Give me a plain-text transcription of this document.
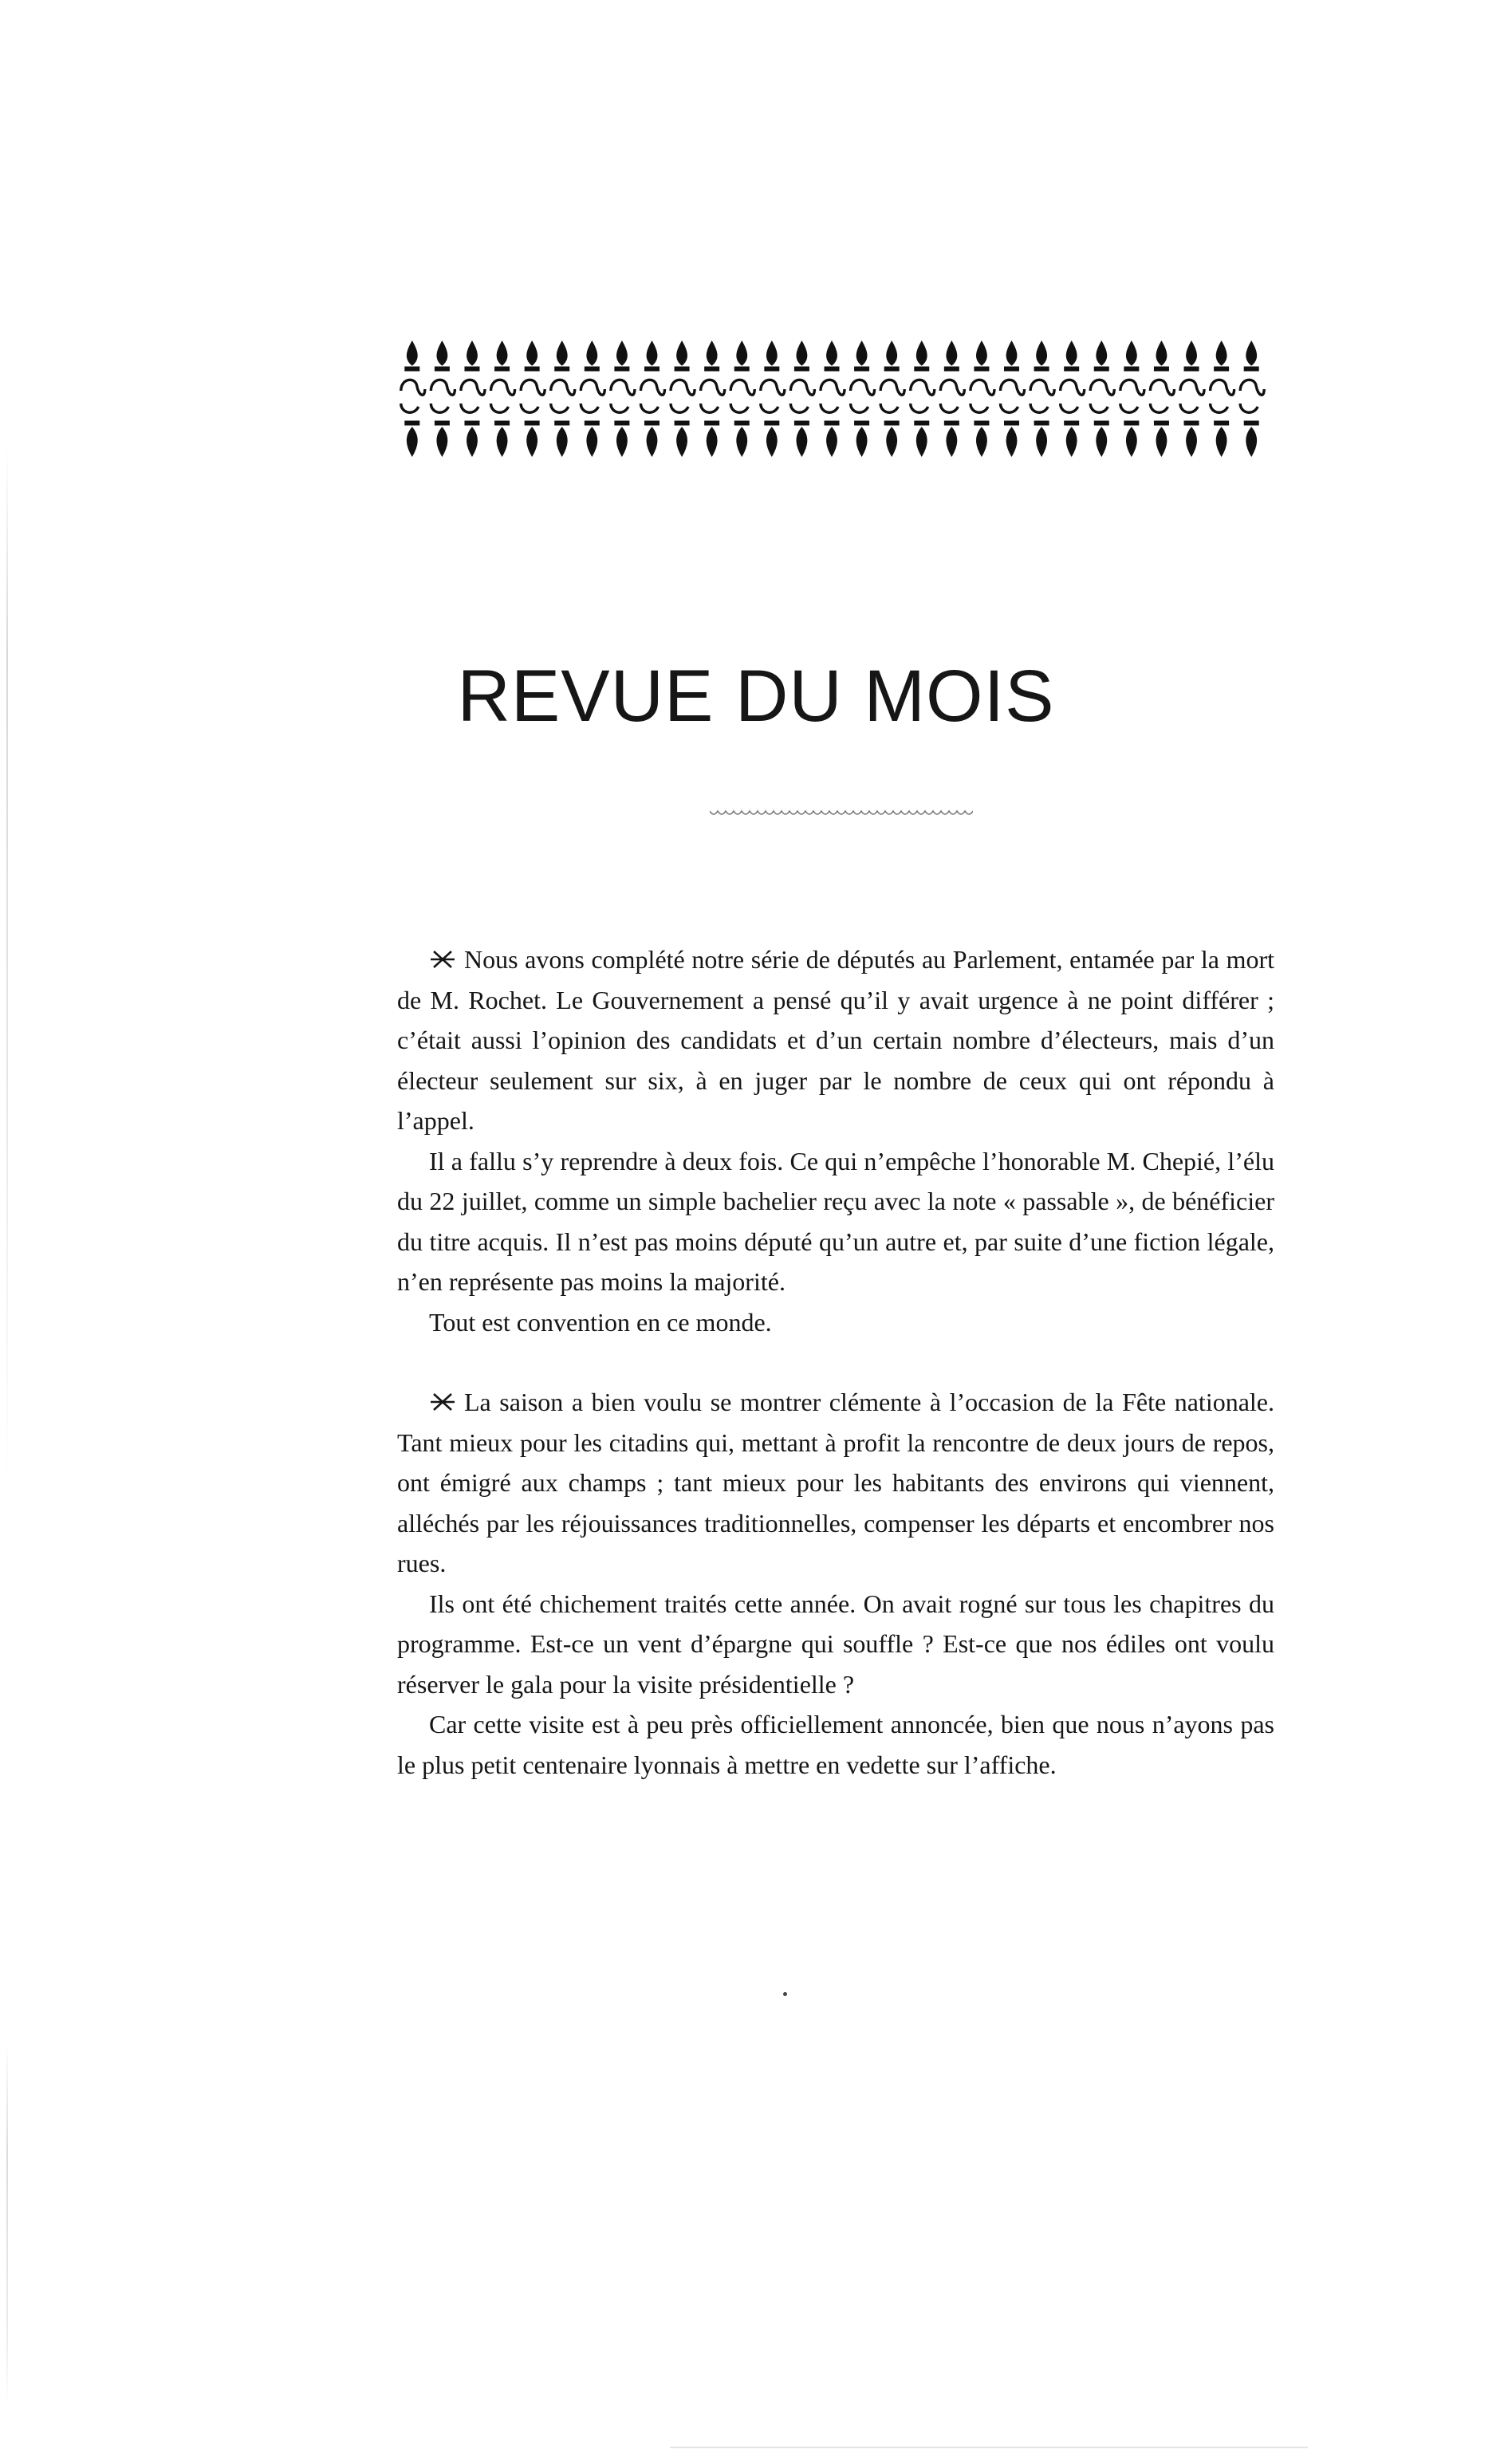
REVUE DU MOIS

Nous avons complété notre série de députés au Parlement, entamée par la mort de M. Rochet. Le Gouvernement a pensé qu’il y avait urgence à ne point différer ; c’était aussi l’opinion des candidats et d’un certain nombre d’électeurs, mais d’un électeur seulement sur six, à en juger par le nombre de ceux qui ont répondu à l’appel.

Il a fallu s’y reprendre à deux fois. Ce qui n’empêche l’honorable M. Chepié, l’élu du 22 juillet, comme un simple bachelier reçu avec la note « passable », de bénéficier du titre acquis. Il n’est pas moins député qu’un autre et, par suite d’une fiction légale, n’en représente pas moins la majorité.

Tout est convention en ce monde.

La saison a bien voulu se montrer clémente à l’occasion de la Fête nationale. Tant mieux pour les citadins qui, mettant à profit la rencontre de deux jours de repos, ont émigré aux champs ; tant mieux pour les habitants des environs qui viennent, alléchés par les réjouissances traditionnelles, compenser les départs et encombrer nos rues.

Ils ont été chichement traités cette année. On avait rogné sur tous les chapitres du programme. Est-ce un vent d’épargne qui souffle ? Est-ce que nos édiles ont voulu réserver le gala pour la visite présidentielle ?

Car cette visite est à peu près officiellement annoncée, bien que nous n’ayons pas le plus petit centenaire lyonnais à mettre en vedette sur l’affiche.
